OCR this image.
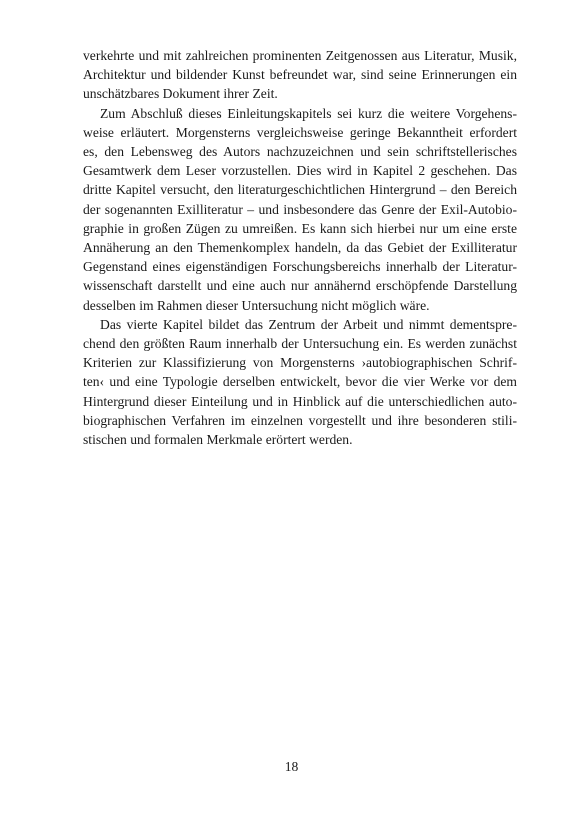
verkehrte und mit zahlreichen prominenten Zeitgenossen aus Literatur, Musik,
Architektur und bildender Kunst befreundet war, sind seine Erinnerungen ein
unschätzbares Dokument ihrer Zeit.

Zum Abschluß dieses Einleitungskapitels sei kurz die weitere Vorgehens-
weise erläutert. Morgensterns vergleichsweise geringe Bekanntheit erfordert
es, den Lebensweg des Autors nachzuzeichnen und sein schriftstellerisches
Gesamtwerk dem Leser vorzustellen. Dies wird in Kapitel 2 geschehen. Das
dritte Kapitel versucht, den literaturgeschichtlichen Hintergrund – den Bereich
der sogenannten Exilliteratur – und insbesondere das Genre der Exil-Autobio-
graphie in großen Zügen zu umreißen. Es kann sich hierbei nur um eine erste
Annäherung an den Themenkomplex handeln, da das Gebiet der Exilliteratur
Gegenstand eines eigenständigen Forschungsbereichs innerhalb der Literatur-
wissenschaft darstellt und eine auch nur annähernd erschöpfende Darstellung
desselben im Rahmen dieser Untersuchung nicht möglich wäre.

Das vierte Kapitel bildet das Zentrum der Arbeit und nimmt dementspre-
chend den größten Raum innerhalb der Untersuchung ein. Es werden zunächst
Kriterien zur Klassifizierung von Morgensterns ›autobiographischen Schrif-
ten‹ und eine Typologie derselben entwickelt, bevor die vier Werke vor dem
Hintergrund dieser Einteilung und in Hinblick auf die unterschiedlichen auto-
biographischen Verfahren im einzelnen vorgestellt und ihre besonderen stili-
stischen und formalen Merkmale erörtert werden.

18
